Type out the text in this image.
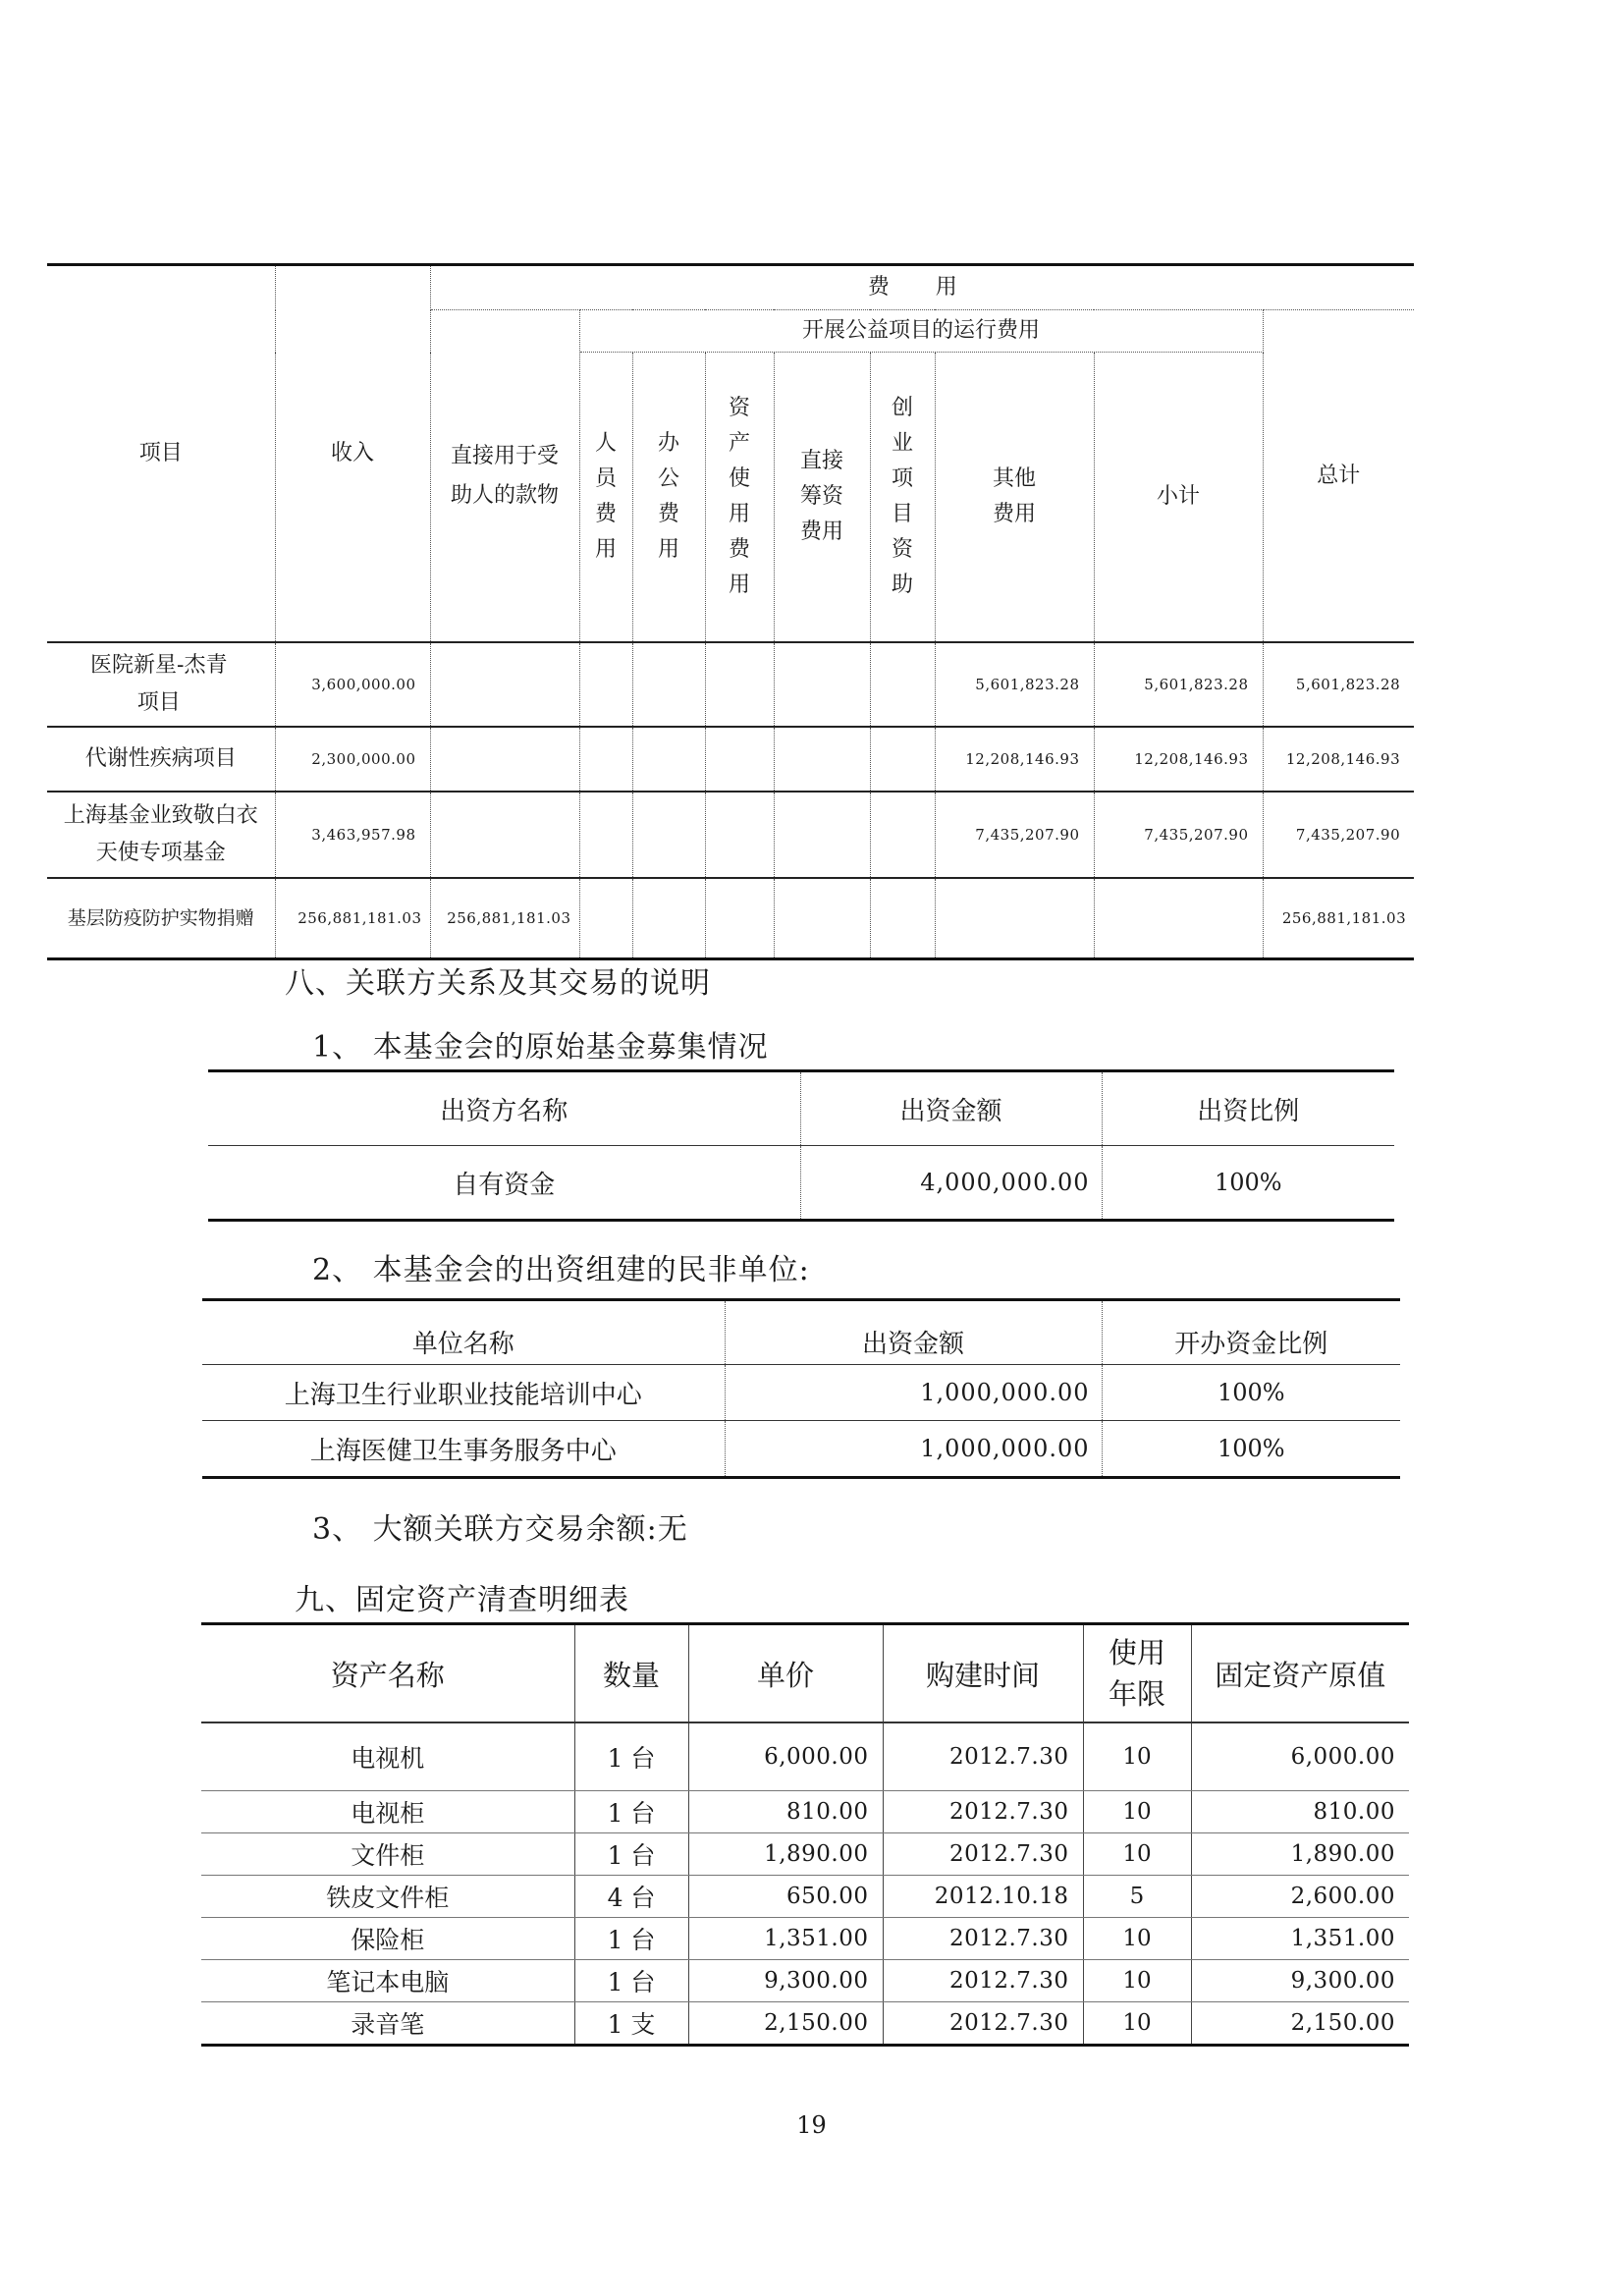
项目	收入	费 用								
		直接用于受助人的款物	开展公益项目的运行费用							总计
			人员费用	办公费用	资产使用费用	直接筹资费用	创业项目资助	其他费用	小计	
医院新星-杰青项目	3,600,000.00							5,601,823.28	5,601,823.28	5,601,823.28
代谢性疾病项目	2,300,000.00							12,208,146.93	12,208,146.93	12,208,146.93
上海基金业致敬白衣天使专项基金	3,463,957.98							7,435,207.90	7,435,207.90	7,435,207.90
基层防疫防护实物捐赠	256,881,181.03	256,881,181.03								256,881,181.03
八、关联方关系及其交易的说明
1、 本基金会的原始基金募集情况
出资方名称	出资金额	出资比例
自有资金	4,000,000.00	100%
2、 本基金会的出资组建的民非单位:
单位名称	出资金额	开办资金比例
上海卫生行业职业技能培训中心	1,000,000.00	100%
上海医健卫生事务服务中心	1,000,000.00	100%
3、 大额关联方交易余额:无
九、固定资产清查明细表
资产名称	数量	单价	购建时间	使用年限	固定资产原值
电视机	1 台	6,000.00	2012.7.30	10	6,000.00
电视柜	1 台	810.00	2012.7.30	10	810.00
文件柜	1 台	1,890.00	2012.7.30	10	1,890.00
铁皮文件柜	4 台	650.00	2012.10.18	5	2,600.00
保险柜	1 台	1,351.00	2012.7.30	10	1,351.00
笔记本电脑	1 台	9,300.00	2012.7.30	10	9,300.00
录音笔	1 支	2,150.00	2012.7.30	10	2,150.00
19
